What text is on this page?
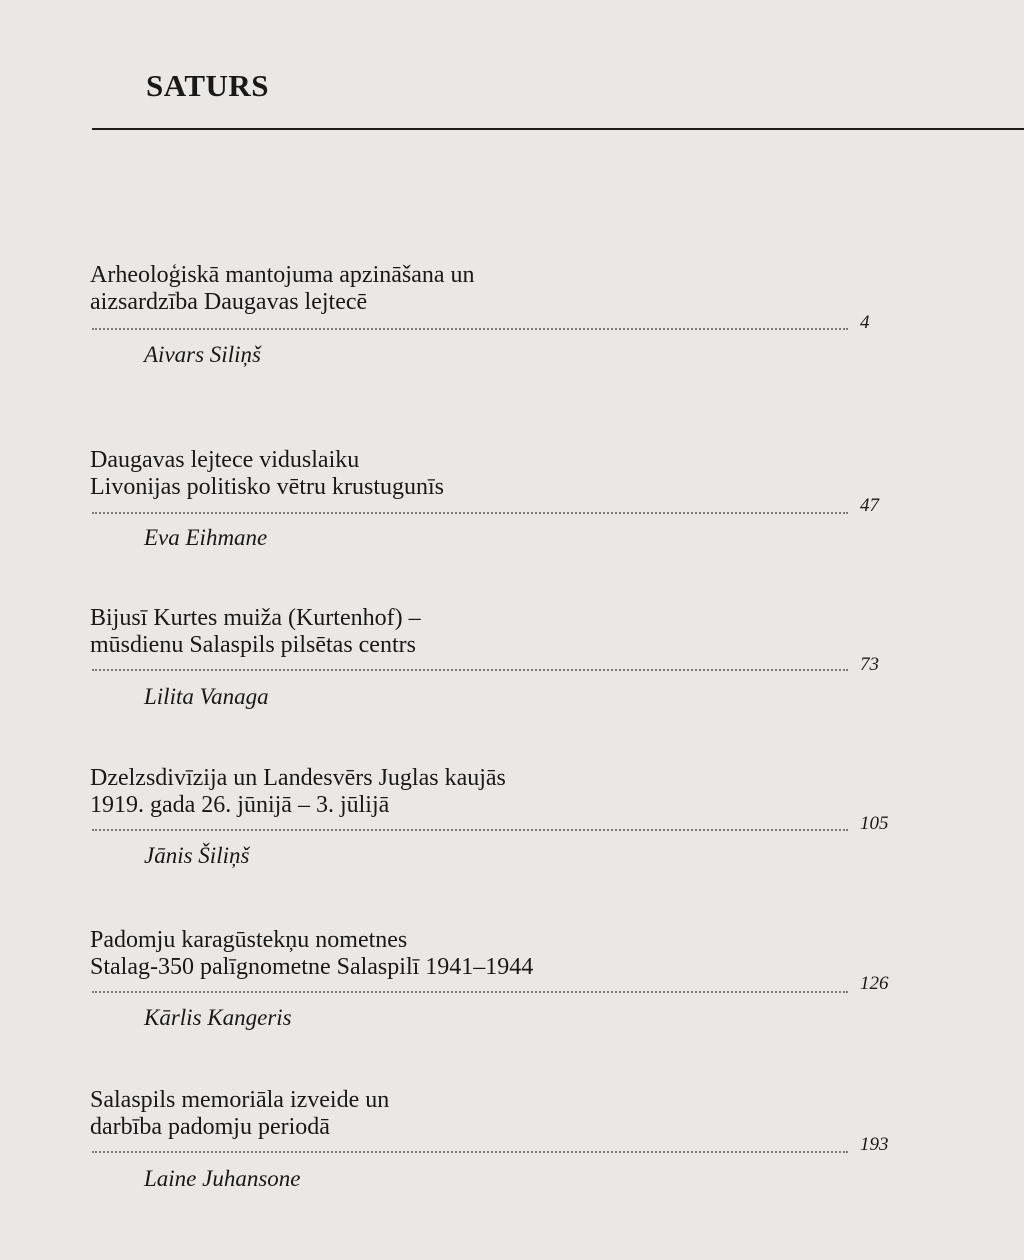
SATURS
Arheoloģiskā mantojuma apzināšana un
aizsardzība Daugavas lejtecē
4
Aivars Siliņš
Daugavas lejtece viduslaiku
Livonijas politisko vētru krustugunīs
47
Eva Eihmane
Bijusī Kurtes muiža (Kurtenhof) –
mūsdienu Salaspils pilsētas centrs
73
Lilita Vanaga
Dzelzsdivīzija un Landesvērs Juglas kaujās
1919. gada 26. jūnijā – 3. jūlijā
105
Jānis Šiliņš
Padomju karagūstekņu nometnes
Stalag-350 palīgnometne Salaspilī 1941–1944
126
Kārlis Kangeris
Salaspils memoriāla izveide un
darbība padomju periodā
193
Laine Juhansone
